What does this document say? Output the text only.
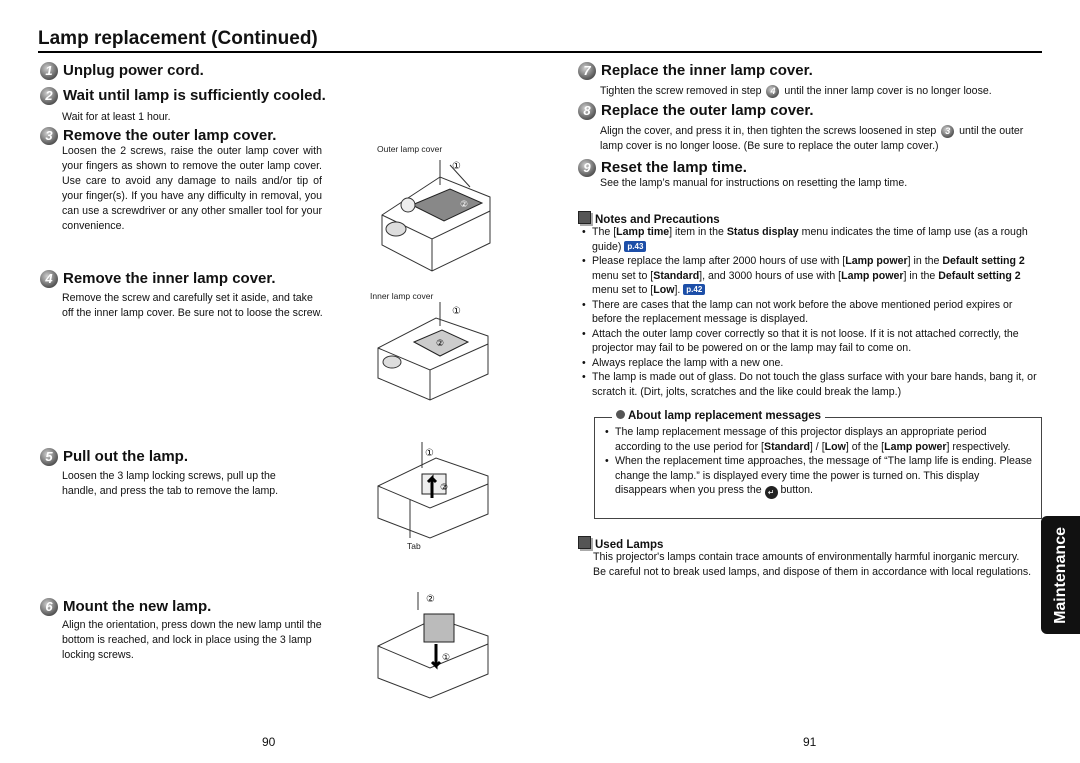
Lamp replacement (Continued)
1 Unplug power cord.
2 Wait until lamp is sufficiently cooled.
Wait for at least 1 hour.
3 Remove the outer lamp cover.
Loosen the 2 screws, raise the outer lamp cover with your fingers as shown to remove the outer lamp cover. Use care to avoid any damage to nails and/or tip of your finger(s). If you have any difficulty in removal, you can use a screwdriver or any other smaller tool for your convenience.
Outer lamp cover
①
②
4 Remove the inner lamp cover.
Remove the screw and carefully set it aside, and take off the inner lamp cover. Be sure not to loose the screw.
Inner lamp cover
①
②
5 Pull out the lamp.
Loosen the 3 lamp locking screws, pull up the handle, and press the tab to remove the lamp.
①
②
Tab
6 Mount the new lamp.
Align the orientation, press down the new lamp until the bottom is reached, and lock in place using the 3 lamp locking screws.
②
①
90
7 Replace the inner lamp cover.
Tighten the screw removed in step 4 until the inner lamp cover is no longer loose.
8 Replace the outer lamp cover.
Align the cover, and press it in, then tighten the screws loosened in step 3 until the outer lamp cover is no longer loose. (Be sure to replace the outer lamp cover.)
9 Reset the lamp time.
See the lamp’s manual for instructions on resetting the lamp time.
Notes and Precautions
• The [Lamp time] item in the Status display menu indicates the time of lamp use (as a rough guide) p.43
• Please replace the lamp after 2000 hours of use with [Lamp power] in the Default setting 2 menu set to [Standard], and 3000 hours of use with [Lamp power] in the Default setting 2 menu set to [Low]. p.42
• There are cases that the lamp can not work before the above mentioned period expires or before the replacement message is displayed.
• Attach the outer lamp cover correctly so that it is not loose. If it is not attached correctly, the projector may fail to be powered on or the lamp may fail to come on.
• Always replace the lamp with a new one.
• The lamp is made out of glass. Do not touch the glass surface with your bare hands, bang it, or scratch it. (Dirt, jolts, scratches and the like could break the lamp.)
About lamp replacement messages
• The lamp replacement message of this projector displays an appropriate period according to the use period for [Standard] / [Low] of the [Lamp power] respectively.
• When the replacement time approaches, the message of “The lamp life is ending. Please change the lamp.” is displayed every time the power is turned on. This display disappears when you press the ↵ button.
Used Lamps
This projector's lamps contain trace amounts of environmentally harmful inorganic mercury. Be careful not to break used lamps, and dispose of them in accordance with local regulations. Maintenance
91
